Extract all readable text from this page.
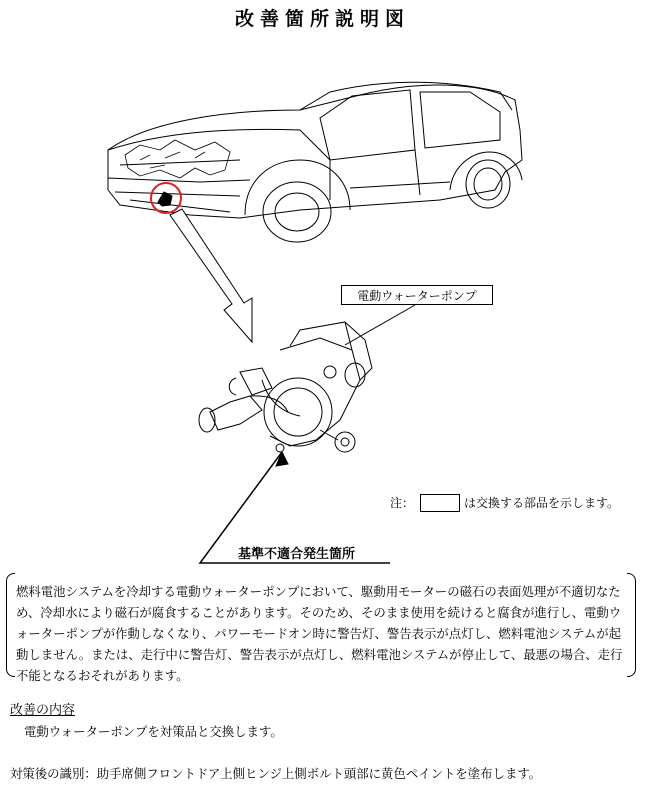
改善箇所説明図
電動ウォーターポンプ
注：	は交換する部品を示します。
基準不適合発生箇所
燃料電池システムを冷却する電動ウォーターポンプにおいて、駆動用モーターの磁石の表面処理が不適切なため、冷却水により磁石が腐食することがあります。そのため、そのまま使用を続けると腐食が進行し、電動ウォーターポンプが作動しなくなり、パワーモードオン時に警告灯、警告表示が点灯し、燃料電池システムが起動しません。または、走行中に警告灯、警告表示が点灯し、燃料電池システムが停止して、最悪の場合、走行不能となるおそれがあります。
改善の内容
電動ウォーターポンプを対策品と交換します。
対策後の識別：助手席側フロントドア上側ヒンジ上側ボルト頭部に黄色ペイントを塗布します。
